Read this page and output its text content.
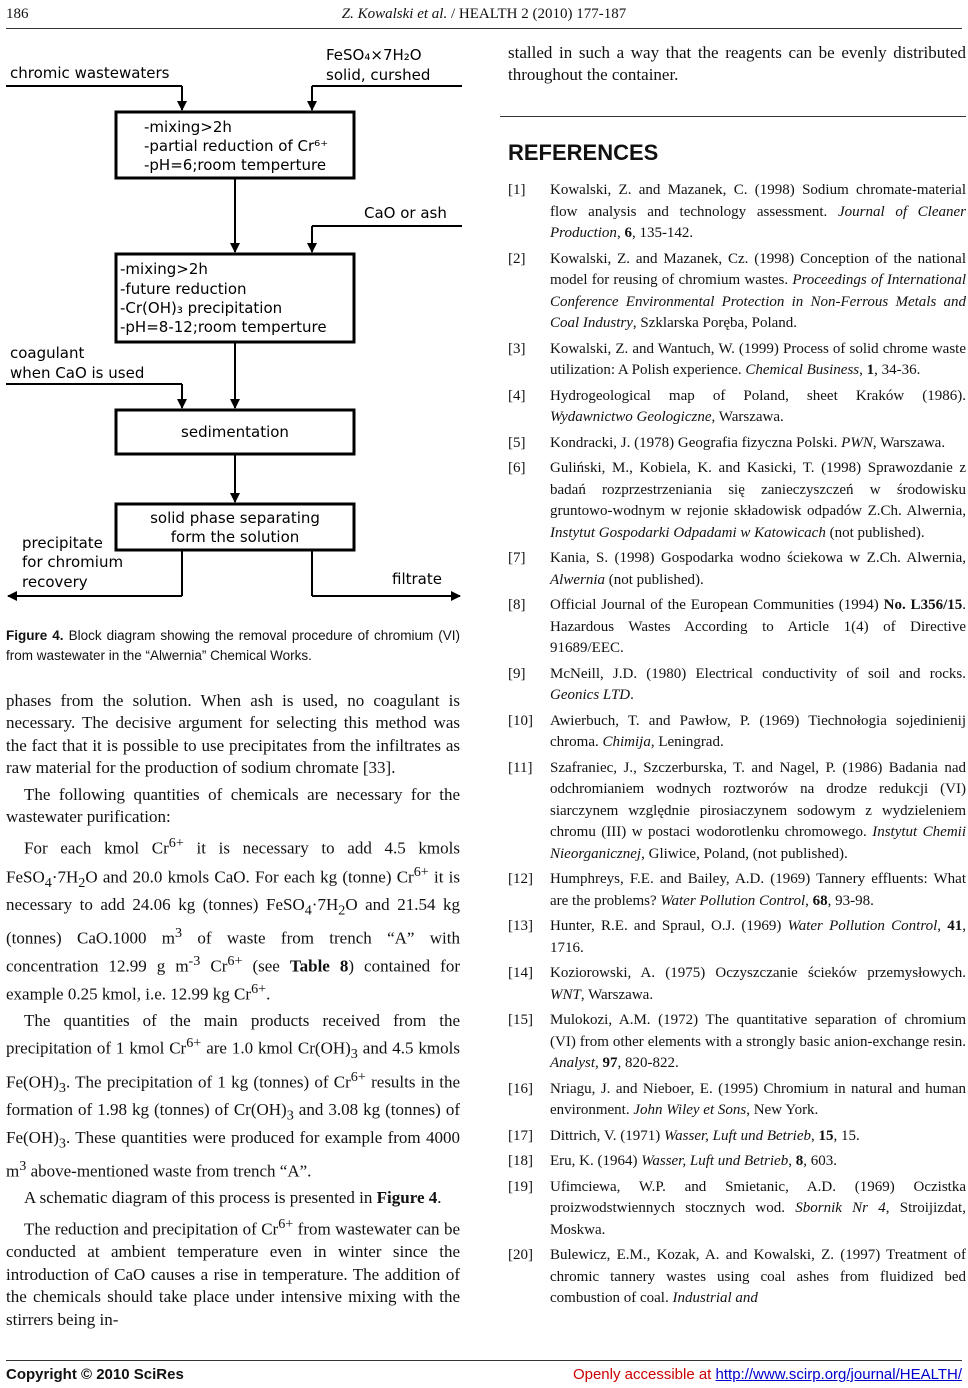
186	Z. Kowalski et al. / HEALTH 2 (2010) 177-187
chromic wastewaters
FeSO₄×7H₂O
solid, curshed
-mixing>2h
-partial reduction of Cr⁶⁺
-pH=6;room temperture
CaO or ash
-mixing>2h
-future reduction
-Cr(OH)₃ precipitation
-pH=8-12;room temperture
coagulant
when CaO is used
sedimentation
solid phase separating
form the solution
precipitate
for chromium
recovery	filtrate
Figure 4. Block diagram showing the removal procedure of chromium (VI) from wastewater in the “Alwernia” Chemical Works.

phases from the solution. When ash is used, no coagulant is necessary. The decisive argument for selecting this method was the fact that it is possible to use precipitates from the infiltrates as raw material for the production of sodium chromate [33].

The following quantities of chemicals are necessary for the wastewater purification:

For each kmol $Cr^{6+}$ it is necessary to add 4.5 kmols $FeSO_4\cdot 7H_2O$ and 20.0 kmols CaO. For each kg (tonne) $Cr^{6+}$ it is necessary to add 24.06 kg (tonnes) $FeSO_4\cdot 7H_2O$ and 21.54 kg (tonnes) CaO.1000 $m^3$ of waste from trench “A” with concentration 12.99 g $m^{-3}$ $Cr^{6+}$ (see Table 8) contained for example 0.25 kmol, i.e. 12.99 kg $Cr^{6+}$.

The quantities of the main products received from the precipitation of 1 kmol $Cr^{6+}$ are 1.0 kmol $Cr(OH)_3$ and 4.5 kmols $Fe(OH)_3$. The precipitation of 1 kg (tonnes) of $Cr^{6+}$ results in the formation of 1.98 kg (tonnes) of $Cr(OH)_3$ and 3.08 kg (tonnes) of $Fe(OH)_3$. These quantities were produced for example from 4000 $m^3$ above-mentioned waste from trench “A”.

A schematic diagram of this process is presented in Figure 4.

The reduction and precipitation of $Cr^{6+}$ from wastewater can be conducted at ambient temperature even in winter since the introduction of CaO causes a rise in temperature. The addition of the chemicals should take place under intensive mixing with the stirrers being in-

stalled in such a way that the reagents can be evenly distributed throughout the container.
REFERENCES
[1] Kowalski, Z. and Mazanek, C. (1998) Sodium chromate-material flow analysis and technology assessment. Journal of Cleaner Production, 6, 135-142.
[2] Kowalski, Z. and Mazanek, Cz. (1998) Conception of the national model for reusing of chromium wastes. Proceedings of International Conference Environmental Protection in Non-Ferrous Metals and Coal Industry, Szklarska Poręba, Poland.
[3] Kowalski, Z. and Wantuch, W. (1999) Process of solid chrome waste utilization: A Polish experience. Chemical Business, 1, 34-36.
[4] Hydrogeological map of Poland, sheet Kraków (1986). Wydawnictwo Geologiczne, Warszawa.
[5] Kondracki, J. (1978) Geografia fizyczna Polski. PWN, Warszawa.
[6] Guliński, M., Kobiela, K. and Kasicki, T. (1998) Sprawozdanie z badań rozprzestrzeniania się zanieczyszczeń w środowisku gruntowo-wodnym w rejonie składowisk odpadów Z.Ch. Alwernia, Instytut Gospodarki Odpadami w Katowicach (not published).
[7] Kania, S. (1998) Gospodarka wodno ściekowa w Z.Ch. Alwernia, Alwernia (not published).
[8] Official Journal of the European Communities (1994) No. L356/15. Hazardous Wastes According to Article 1(4) of Directive 91689/EEC.
[9] McNeill, J.D. (1980) Electrical conductivity of soil and rocks. Geonics LTD.
[10] Awierbuch, T. and Pawłow, P. (1969) Tiechnołogia sojedinienij chroma. Chimija, Leningrad.
[11] Szafraniec, J., Szczerburska, T. and Nagel, P. (1986) Badania nad odchromianiem wodnych roztworów na drodze redukcji (VI) siarczynem względnie pirosiaczynem sodowym z wydzieleniem chromu (III) w postaci wodorotlenku chromowego. Instytut Chemii Nieorganicznej, Gliwice, Poland, (not published).
[12] Humphreys, F.E. and Bailey, A.D. (1969) Tannery effluents: What are the problems? Water Pollution Control, 68, 93-98.
[13] Hunter, R.E. and Spraul, O.J. (1969) Water Pollution Control, 41, 1716.
[14] Koziorowski, A. (1975) Oczyszczanie ścieków przemysłowych. WNT, Warszawa.
[15] Mulokozi, A.M. (1972) The quantitative separation of chromium (VI) from other elements with a strongly basic anion-exchange resin. Analyst, 97, 820-822.
[16] Nriagu, J. and Nieboer, E. (1995) Chromium in natural and human environment. John Wiley et Sons, New York.
[17] Dittrich, V. (1971) Wasser, Luft und Betrieb, 15, 15.
[18] Eru, K. (1964) Wasser, Luft und Betrieb, 8, 603.
[19] Ufimciewa, W.P. and Smietanic, A.D. (1969) Oczistka proizwodstwiennych stocznych wod. Sbornik Nr 4, Stroijizdat, Moskwa.
[20] Bulewicz, E.M., Kozak, A. and Kowalski, Z. (1997) Treatment of chromic tannery wastes using coal ashes from fluidized bed combustion of coal. Industrial and
Copyright © 2010 SciRes	Openly accessible at http://www.scirp.org/journal/HEALTH/
